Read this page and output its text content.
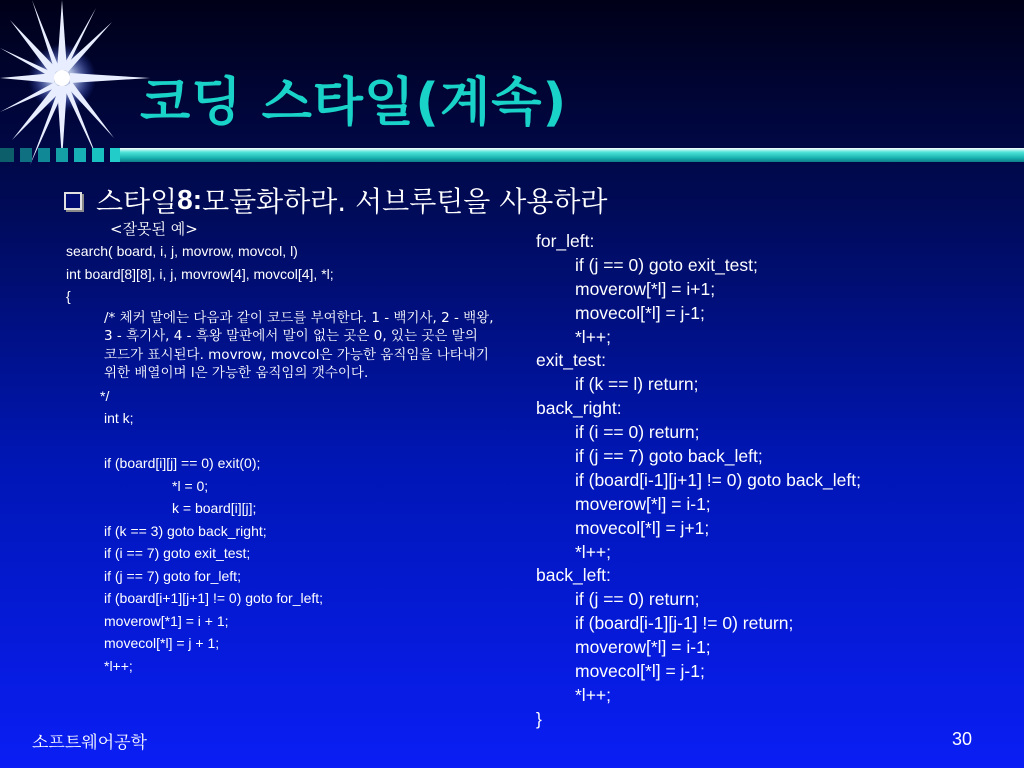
코딩 스타일(계속)
스타일 8: 모듈화하라. 서브루틴을 사용하라
<잘못된 예>
search( board, i, j, movrow, movcol, l)
int board[8][8], i, j, movrow[4], movcol[4], *l;
{
/* 체커 말에는 다음과 같이 코드를 부여한다. 1 - 백기사, 2 - 백왕, 3 - 흑기사, 4 - 흑왕 말판에서 말이 없는 곳은 0, 있는 곳은 말의 코드가 표시된다. movrow, movcol은 가능한 움직임을 나타내기 위한 배열이며 l은 가능한 움직임의 갯수이다.
*/
int k;
if (board[i][j] == 0) exit(0);
*l = 0;
k = board[i][j];
if (k == 3) goto back_right;
if (i == 7) goto exit_test;
if (j == 7) goto for_left;
if (board[i+1][j+1] != 0) goto for_left;
moverow[*1] = i + 1;
movecol[*l] = j + 1;
*l++;
for_left:
if (j == 0) goto exit_test;
moverow[*l] = i+1;
movecol[*l] = j-1;
*l++;
exit_test:
if (k == l) return;
back_right:
if (i == 0) return;
if (j == 7) goto back_left;
if (board[i-1][j+1] != 0) goto back_left;
moverow[*l] = i-1;
movecol[*l] = j+1;
*l++;
back_left:
if (j == 0) return;
if (board[i-1][j-1] != 0) return;
moverow[*l] = i-1;
movecol[*l] = j-1;
*l++;
}
소프트웨어공학	30
